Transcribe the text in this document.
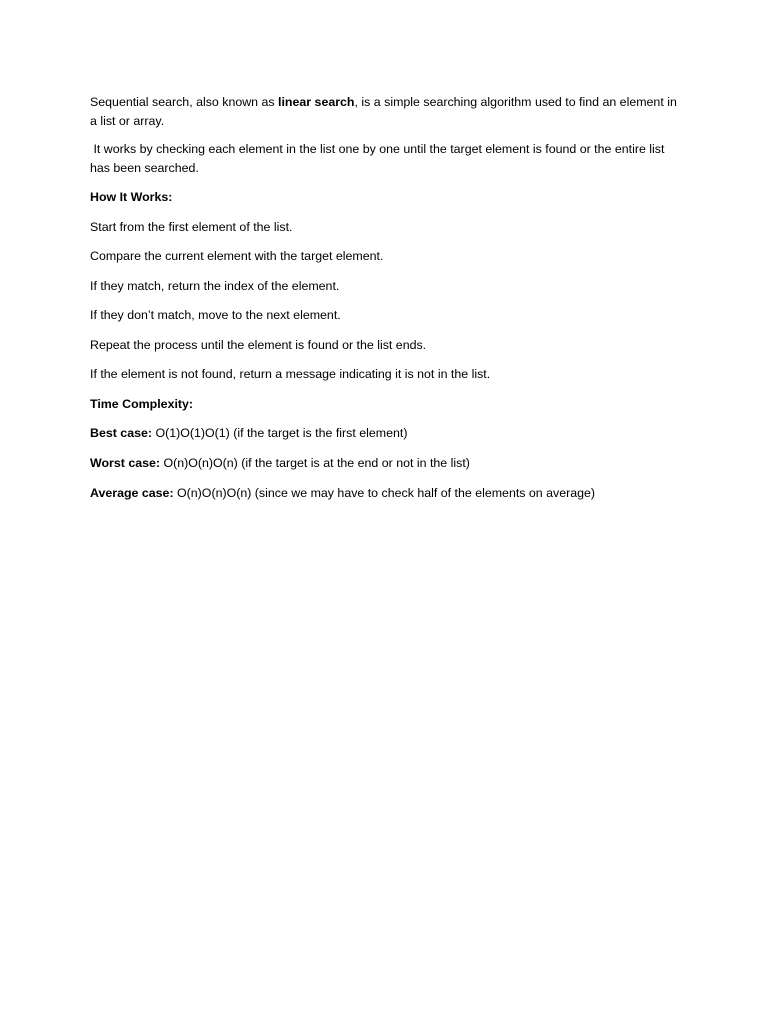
Sequential search, also known as linear search, is a simple searching algorithm used to find an element in a list or array.

It works by checking each element in the list one by one until the target element is found or the entire list has been searched.

How It Works:

Start from the first element of the list.

Compare the current element with the target element.

If they match, return the index of the element.

If they don’t match, move to the next element.

Repeat the process until the element is found or the list ends.

If the element is not found, return a message indicating it is not in the list.

Time Complexity:

Best case: O(1)O(1)O(1) (if the target is the first element)

Worst case: O(n)O(n)O(n) (if the target is at the end or not in the list)

Average case: O(n)O(n)O(n) (since we may have to check half of the elements on average)
